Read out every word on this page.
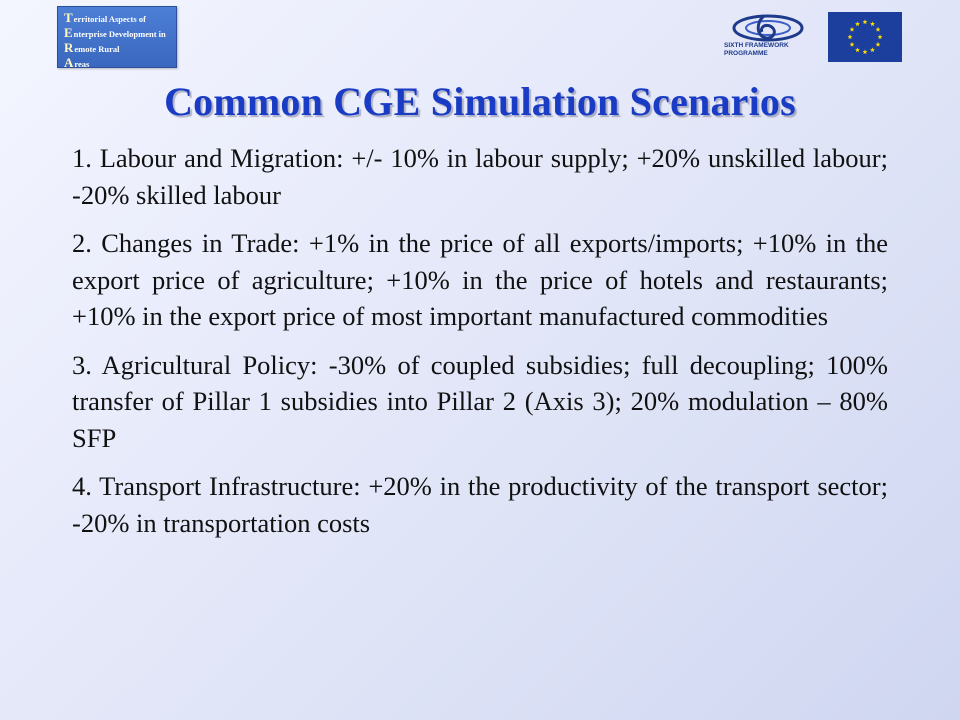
Territorial Aspects of
Enterprise Development in
Remote Rural
Areas
SIXTH FRAMEWORK
PROGRAMME
Common CGE Simulation Scenarios

1. Labour and Migration: +/- 10% in labour supply; +20% unskilled labour; -20% skilled labour

2. Changes in Trade: +1% in the price of all exports/imports; +10% in the export price of agriculture; +10% in the price of hotels and restaurants; +10% in the export price of most important manufactured commodities

3. Agricultural Policy: -30% of coupled subsidies; full decoupling; 100% transfer of Pillar 1 subsidies into Pillar 2 (Axis 3); 20% modulation – 80% SFP

4. Transport Infrastructure: +20% in the productivity of the transport sector; -20% in transportation costs
